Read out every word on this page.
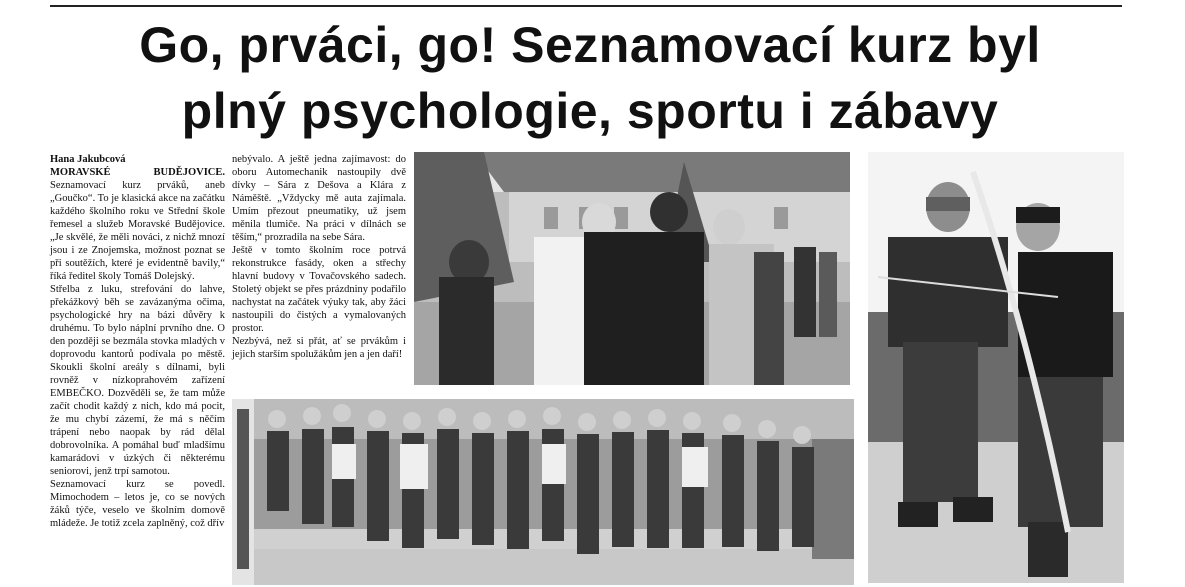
Go, prváci, go! Seznamovací kurz byl
plný psychologie, sportu i zábavy
Hana Jakubcová

MORAVSKÉ BUDĚJOVICE. Seznamovací kurz prváků, aneb „Goučko“. To je klasická akce na začátku každého školního roku ve Střední škole řemesel a služeb Moravské Budějovice. „Je skvělé, že měli nováci, z nichž mnozí jsou i ze Znojemska, možnost poznat se při soutěžích, které je evidentně bavily,“ říká ředitel školy Tomáš Dolejský.

Střelba z luku, strefování do lahve, překážkový běh se zavázanýma očima, psychologické hry na bázi důvěry k druhému. To bylo náplní prvního dne. O den později se bezmála stovka mladých v doprovodu kantorů podívala po městě. Skoukli školní areály s dílnami, byli rovněž v nízkoprahovém zařízení EMBEČKO. Dozvěděli se, že tam může začít chodit každý z nich, kdo má pocit, že mu chybí zázemí, že má s něčím trápení nebo naopak by rád dělal dobrovolníka. A pomáhal buď mladšímu kamarádovi v úzkých či některému seniorovi, jenž trpí samotou.

Seznamovací kurz se povedl. Mimochodem – letos je, co se nových žáků týče, veselo ve školním domově mládeže. Je totiž zcela zaplněný, což dřív

nebývalo. A ještě jedna zajímavost: do oboru Automechanik nastoupily dvě dívky – Sára z Dešova a Klára z Náměště. „Vždycky mě auta zajímala. Umím přezout pneumatiky, už jsem měnila tlumiče. Na práci v dílnách se těším,“ prozradila na sebe Sára.

Ještě v tomto školním roce potrvá rekonstrukce fasády, oken a střechy hlavní budovy v Tovačovského sadech. Stoletý objekt se přes prázdniny podařilo nachystat na začátek výuky tak, aby žáci nastoupili do čistých a vymalovaných prostor.

Nezbývá, než si přát, ať se prvákům i jejich starším spolužákům jen a jen daří!
